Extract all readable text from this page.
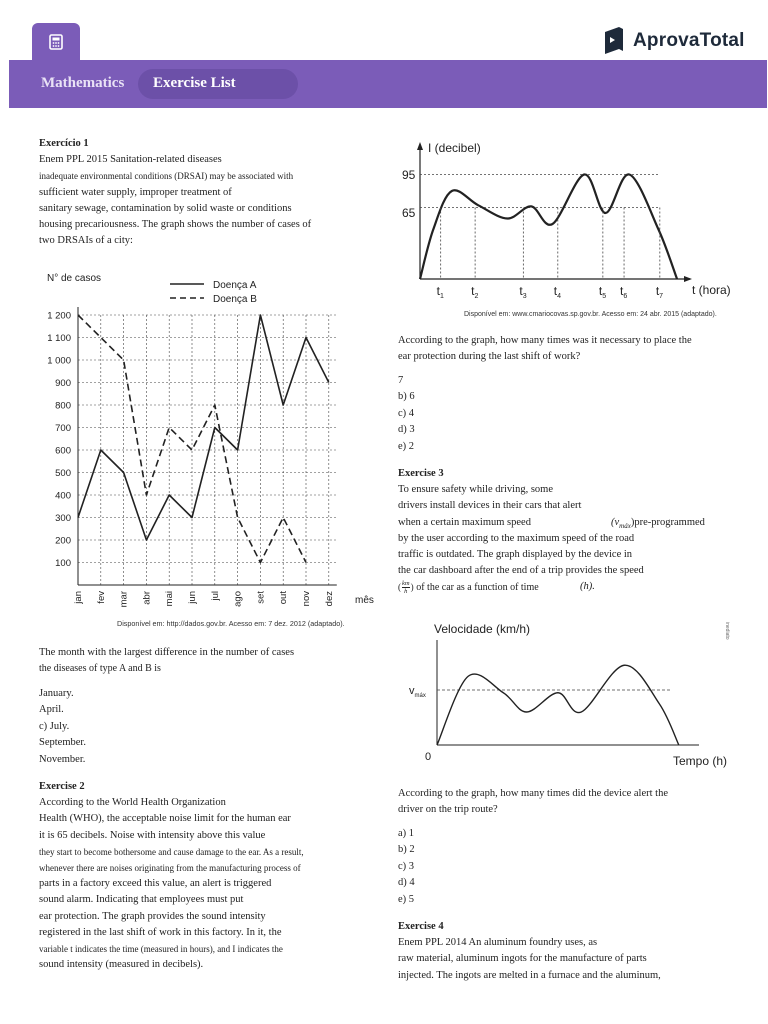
AprovaTotal
Mathematics	Exercise List
Exercício 1
Enem PPL 2015 Sanitation-related diseases
inadequate environmental conditions (DRSAI) may be associated with
sufficient water supply, improper treatment of
sanitary sewage, contamination by solid waste or conditions
housing precariousness. The graph shows the number of cases of
two DRSAIs of a city:
N° de casos
Doença A
Doença B
100
200
300
400
500
600
700
800
900
1 000
1 100
1 200
jan fev mar abr mai jun jul ago set out nov dez mês
Disponível em: http://dados.gov.br. Acesso em: 7 dez. 2012 (adaptado).
The month with the largest difference in the number of cases
the diseases of type A and B is
January.
April.
c) July.
September.
November.
Exercise 2
According to the World Health Organization
Health (WHO), the acceptable noise limit for the human ear
it is 65 decibels. Noise with intensity above this value
they start to become bothersome and cause damage to the ear. As a result,
whenever there are noises originating from the manufacturing process of
parts in a factory exceed this value, an alert is triggered
sound alarm. Indicating that employees must put
ear protection. The graph provides the sound intensity
registered in the last shift of work in this factory. In it, the
variable t indicates the time (measured in hours), and I indicates the
sound intensity (measured in decibels).
I (decibel)
t (hora)
95
65
$t_1$ $t_2$	$t_3$ $t_4$	$t_5$ $t_6$ $t_7$
Disponível em: www.cmariocovas.sp.gov.br. Acesso em: 24 abr. 2015 (adaptado).
According to the graph, how many times was it necessary to place the
ear protection during the last shift of work?
7
b) 6
c) 4
d) 3
e) 2
Exercise 3
To ensure safety while driving, some
drivers install devices in their cars that alert
when a certain maximum speed	$(v_{máx})pre$-programmed
by the user according to the maximum speed of the road
traffic is outdated. The graph displayed by the device in
the car dashboard after the end of a trip provides the speed
( $\frac{km}{h}$ ) of the car as a function of time	(h).
Velocidade (km/h)	inediato
$v_{máx}$
0	Tempo (h)
According to the graph, how many times did the device alert the
driver on the trip route?
a) 1
b) 2
c) 3
d) 4
e) 5
Exercise 4
Enem PPL 2014 An aluminum foundry uses, as
raw material, aluminum ingots for the manufacture of parts
injected. The ingots are melted in a furnace and the aluminum,
